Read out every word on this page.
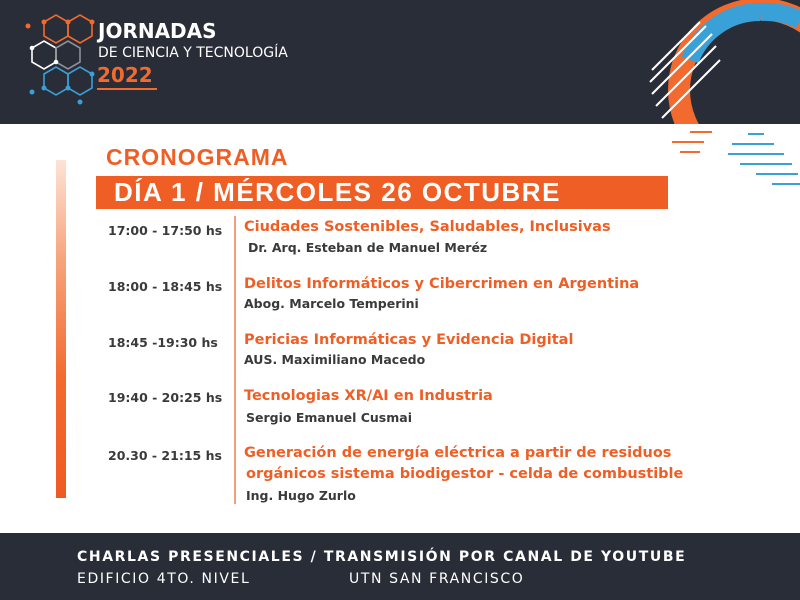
JORNADAS
DE CIENCIA Y TECNOLOGÍA
2022
CRONOGRAMA
DÍA 1 / MÉRCOLES 26 OCTUBRE
17:00 - 17:50 hs Ciudades Sostenibles, Saludables, Inclusivas
Dr. Arq. Esteban de Manuel Meréz
18:00 - 18:45 hs Delitos Informáticos y Cibercrimen en Argentina
Abog. Marcelo Temperini
18:45 -19:30 hs Pericias Informáticas y Evidencia Digital
AUS. Maximiliano Macedo
19:40 - 20:25 hs Tecnologias XR/AI en Industria
Sergio Emanuel Cusmai
20.30 - 21:15 hs Generación de energía eléctrica a partir de residuos
orgánicos sistema biodigestor - celda de combustible
Ing. Hugo Zurlo
CHARLAS PRESENCIALES / TRANSMISIÓN POR CANAL DE YOUTUBE
EDIFICIO 4TO. NIVEL	UTN SAN FRANCISCO
